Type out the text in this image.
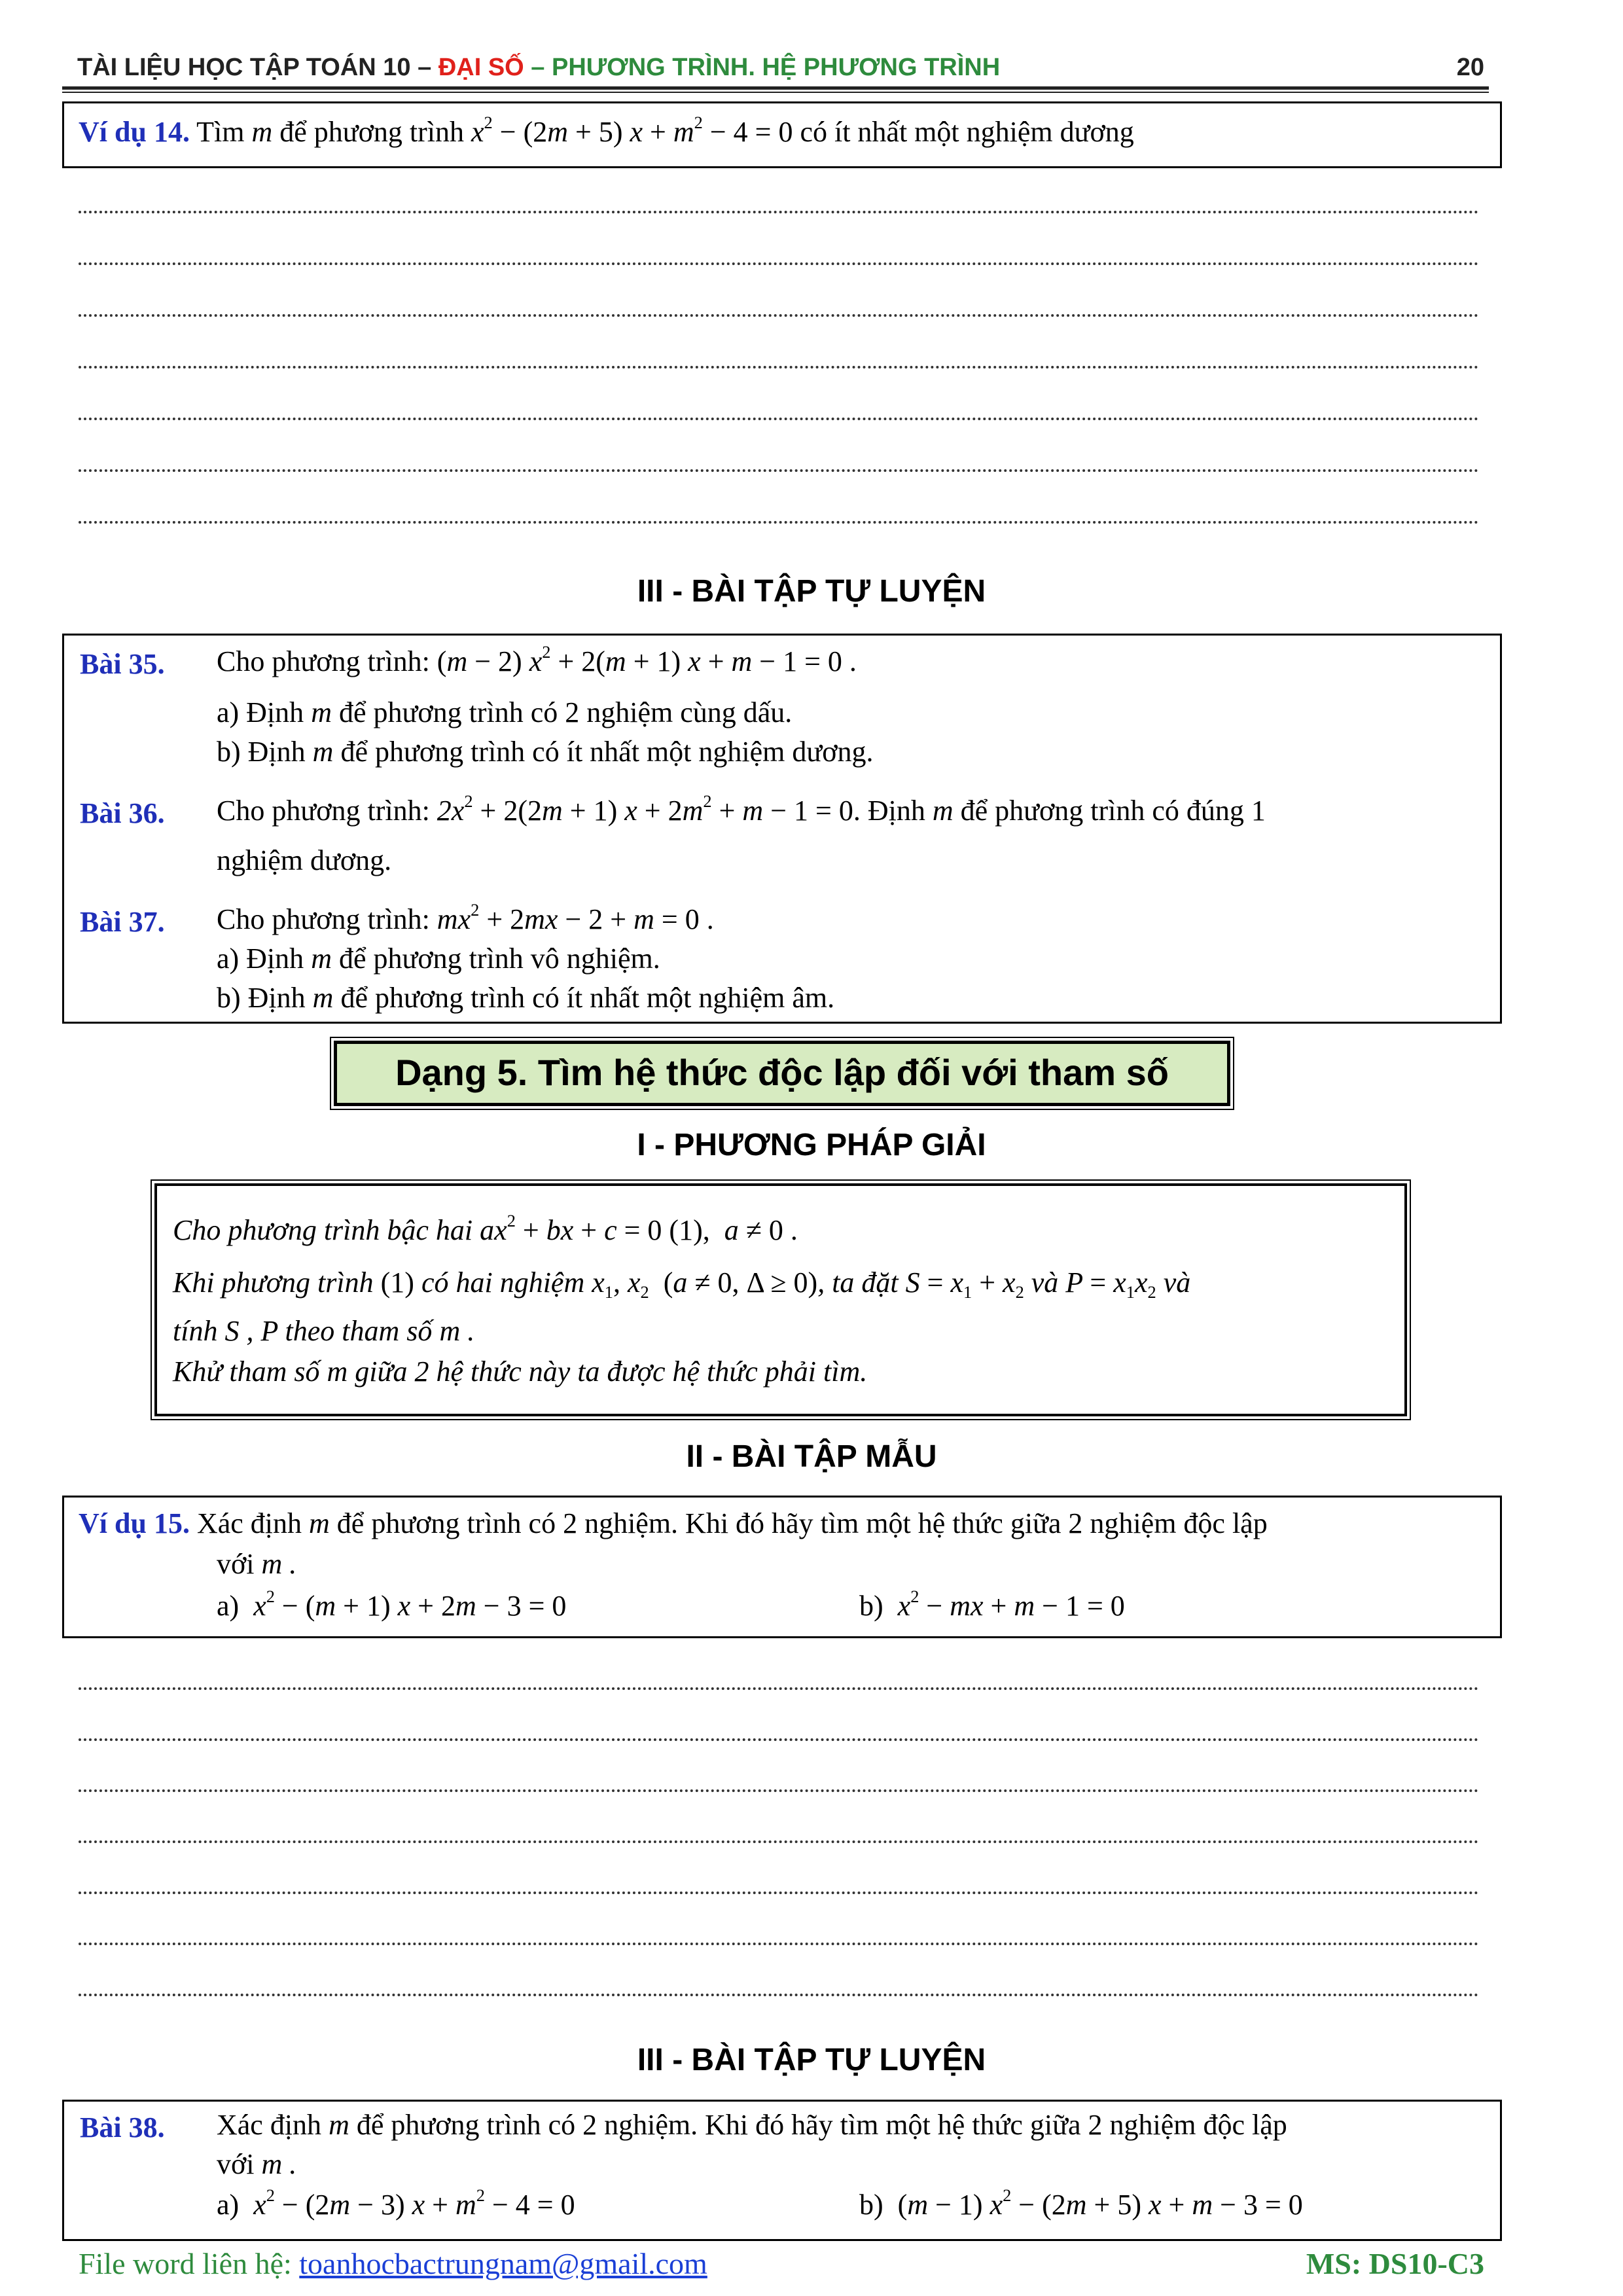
TÀI LIỆU HỌC TẬP TOÁN 10 – ĐẠI SỐ – PHƯƠNG TRÌNH. HỆ PHƯƠNG TRÌNH	20
Ví dụ 14. Tìm m để phương trình $x^2 - (2m + 5) x + m^2 - 4 = 0$ có ít nhất một nghiệm dương
III - BÀI TẬP TỰ LUYỆN
Bài 35. Cho phương trình: (m − 2) $x^2 + 2(m + 1) x + m - 1 = 0$ .
a) Định m để phương trình có 2 nghiệm cùng dấu.
b) Định m để phương trình có ít nhất một nghiệm dương.
Bài 36. Cho phương trình: $2x^2 + 2(2m + 1) x + 2m^2 + m - 1 = 0$. Định m để phương trình có đúng 1
nghiệm dương.
Bài 37. Cho phương trình: $mx^2 + 2mx - 2 + m = 0$ .
a) Định m để phương trình vô nghiệm.
b) Định m để phương trình có ít nhất một nghiệm âm.
Dạng 5. Tìm hệ thức độc lập đối với tham số
I - PHƯƠNG PHÁP GIẢI
Cho phương trình bậc hai $ax^2$ + bx + c = 0 (1),  a ≠ 0 .
Khi phương trình (1) có hai nghiệm $x_1$, $x_2$ (a ≠ 0, Δ ≥ 0), ta đặt $S = x_1 + x_2$ và $P = x_1x_2$ và
tính S , P theo tham số m .
Khử tham số m giữa 2 hệ thức này ta được hệ thức phải tìm.
II - BÀI TẬP MẪU
Ví dụ 15. Xác định m để phương trình có 2 nghiệm. Khi đó hãy tìm một hệ thức giữa 2 nghiệm độc lập
với m .
a) $x^2 - (m + 1) x + 2m - 3 = 0$	b) $x^2$ − mx + m − 1 = 0
III - BÀI TẬP TỰ LUYỆN
Bài 38. Xác định m để phương trình có 2 nghiệm. Khi đó hãy tìm một hệ thức giữa 2 nghiệm độc lập
với m .
a) $x^2 - (2m - 3) x + m^2 - 4 = 0$	b) (m − 1) $x^2 - (2m + 5) x + m - 3 = 0$
File word liên hệ: toanhocbactrungnam@gmail.com	MS: DS10-C3
